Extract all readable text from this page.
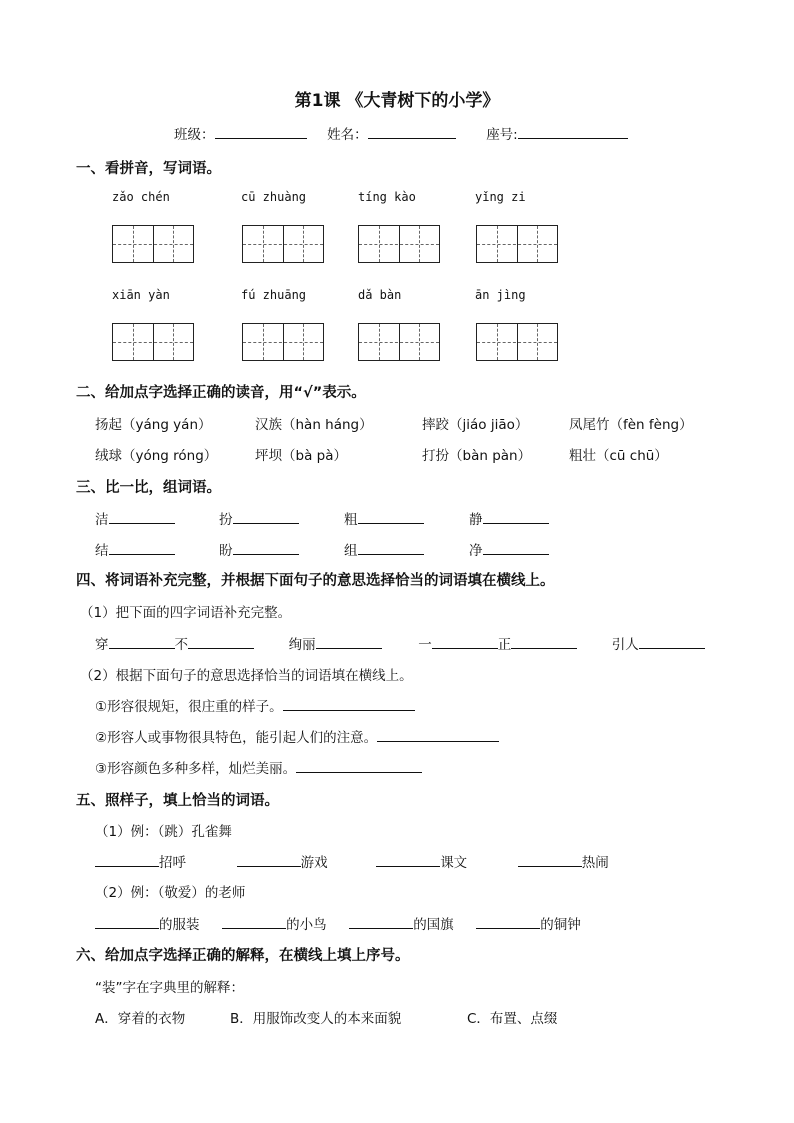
第1课 《大青树下的小学》
班级：	姓名：	座号:
一、看拼音，写词语。
zǎo chén	cū zhuàng	tíng kào	yǐng zi
xiān yàn	fú zhuāng	dǎ bàn	ān jìng
二、给加点字选择正确的读音，用“√”表示。
扬起（yáng yán）	汉族（hàn háng）	摔跤（jiáo jiāo）	凤尾竹（fèn fèng）
绒球（yóng róng）	坪坝（bà pà）	打扮（bàn pàn）	粗壮（cū chū）
三、比一比，组词语。
洁	扮	粗	静
结	盼	组	净
四、将词语补充完整，并根据下面句子的意思选择恰当的词语填在横线上。
（1）把下面的四字词语补充完整。
穿	不	绚丽	一	正	引人
（2）根据下面句子的意思选择恰当的词语填在横线上。
①形容很规矩，很庄重的样子。
②形容人或事物很具特色，能引起人们的注意。
③形容颜色多种多样，灿烂美丽。
五、照样子，填上恰当的词语。
（1）例：（跳）孔雀舞
招呼	游戏	课文	热闹
（2）例：（敬爱）的老师
的服装	的小鸟	的国旗	的铜钟
六、给加点字选择正确的解释，在横线上填上序号。
“装”字在字典里的解释：
A．穿着的衣物	B．用服饰改变人的本来面貌	C．布置、点缀
